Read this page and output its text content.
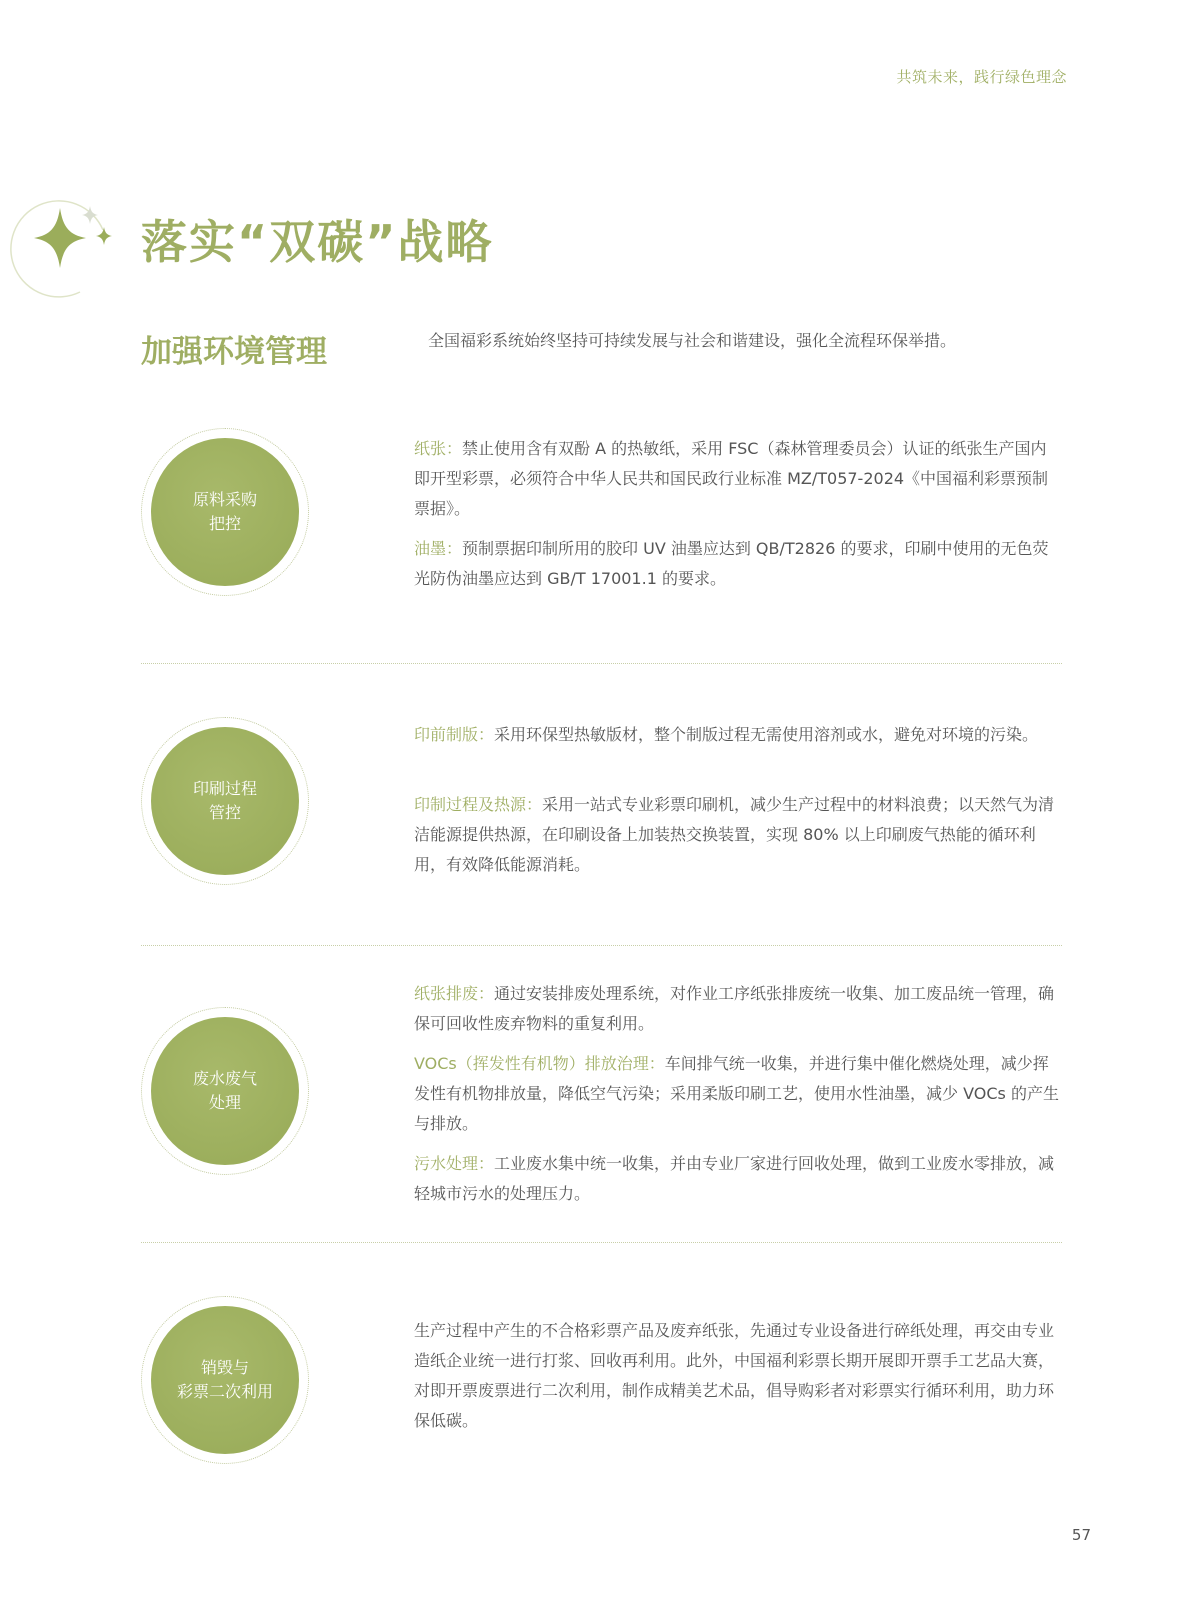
共筑未来，践行绿色理念
落实“双碳”战略
加强环境管理	全国福彩系统始终坚持可持续发展与社会和谐建设，强化全流程环保举措。

原料采购
把控

纸张：禁止使用含有双酚 A 的热敏纸，采用 FSC（森林管理委员会）认证的纸张生产国内即开型彩票，必须符合中华人民共和国民政行业标准 MZ/T057-2024《中国福利彩票预制票据》。

油墨：预制票据印制所用的胶印 UV 油墨应达到 QB/T2826 的要求，印刷中使用的无色荧光防伪油墨应达到 GB/T 17001.1 的要求。

印刷过程
管控

印前制版：采用环保型热敏版材，整个制版过程无需使用溶剂或水，避免对环境的污染。

印制过程及热源：采用一站式专业彩票印刷机，减少生产过程中的材料浪费；以天然气为清洁能源提供热源，在印刷设备上加装热交换装置，实现 80% 以上印刷废气热能的循环利用，有效降低能源消耗。

废水废气
处理

纸张排废：通过安装排废处理系统，对作业工序纸张排废统一收集、加工废品统一管理，确保可回收性废弃物料的重复利用。

VOCs（挥发性有机物）排放治理：车间排气统一收集，并进行集中催化燃烧处理，减少挥发性有机物排放量，降低空气污染；采用柔版印刷工艺，使用水性油墨，减少 VOCs 的产生与排放。

污水处理：工业废水集中统一收集，并由专业厂家进行回收处理，做到工业废水零排放，减轻城市污水的处理压力。

销毁与
彩票二次利用

生产过程中产生的不合格彩票产品及废弃纸张，先通过专业设备进行碎纸处理，再交由专业造纸企业统一进行打浆、回收再利用。此外，中国福利彩票长期开展即开票手工艺品大赛，对即开票废票进行二次利用，制作成精美艺术品，倡导购彩者对彩票实行循环利用，助力环保低碳。

57
